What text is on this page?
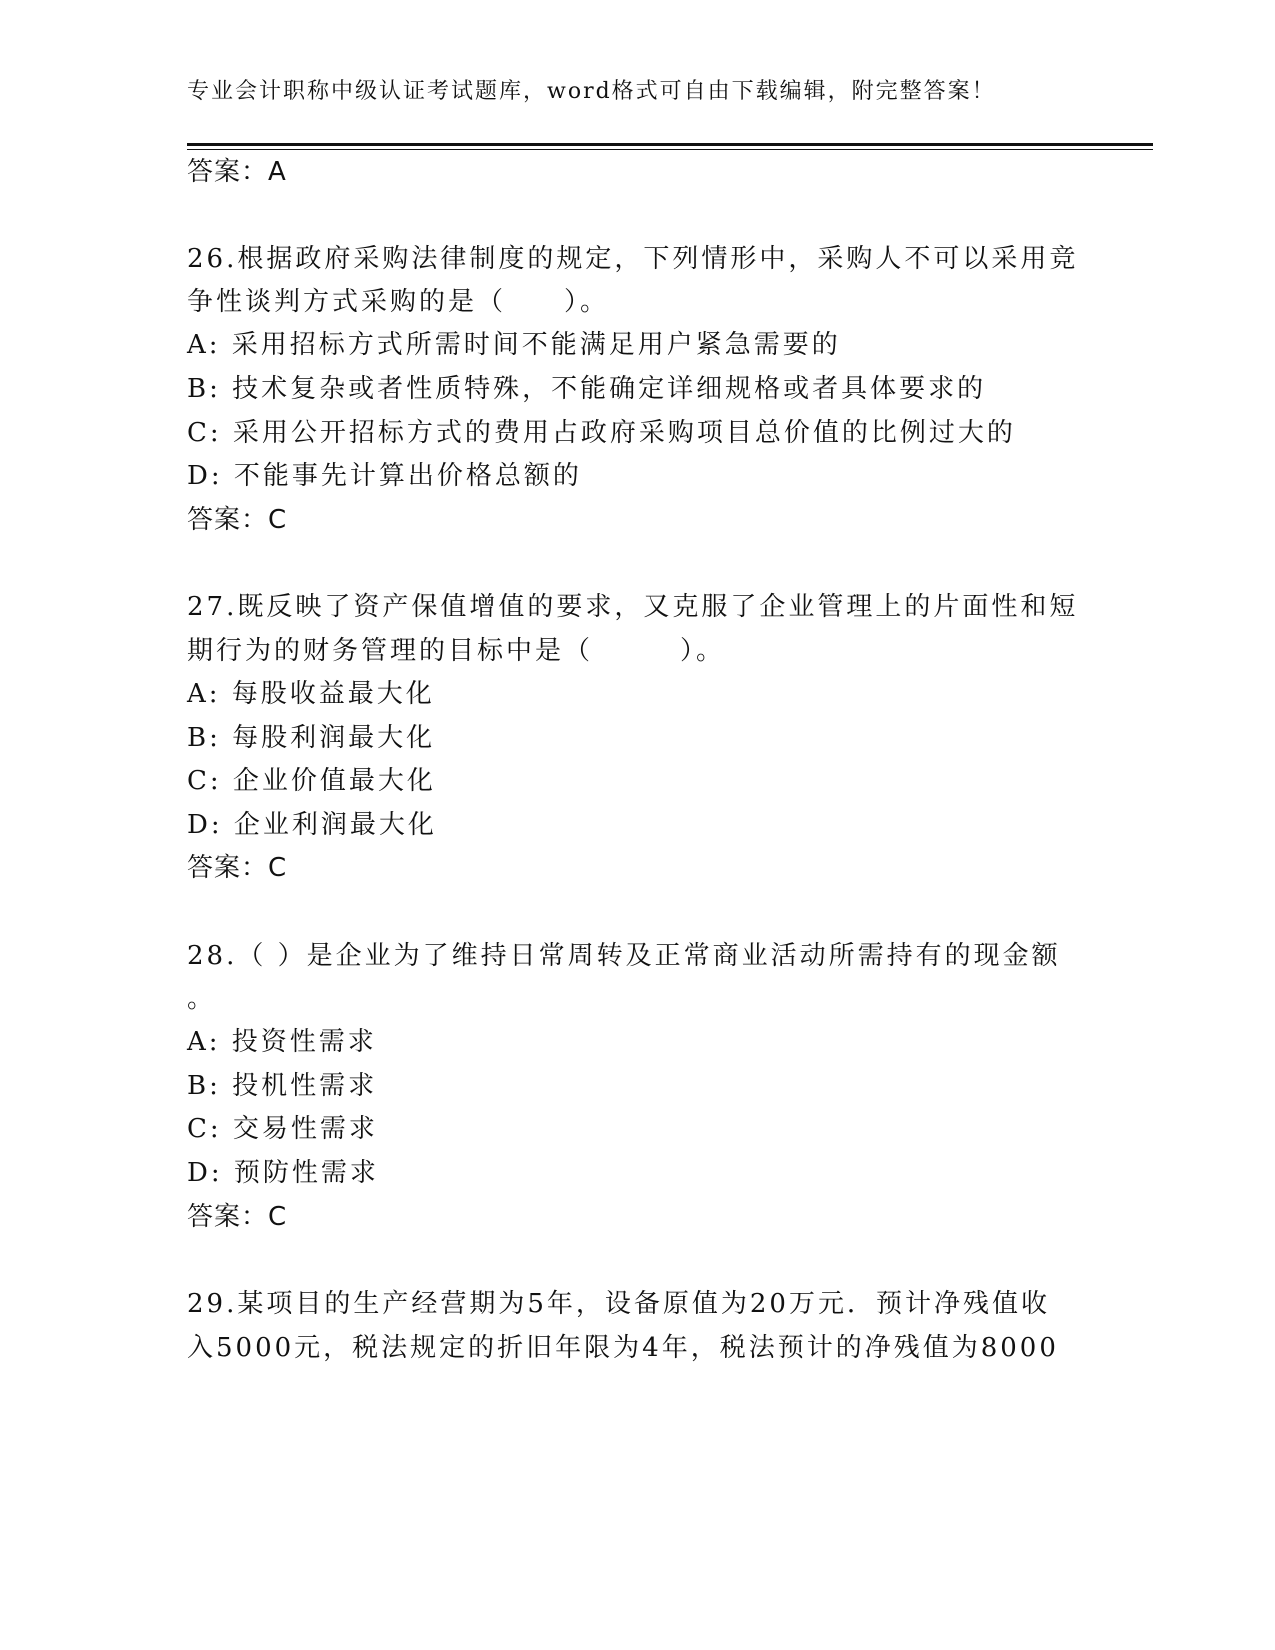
专业会计职称中级认证考试题库，word格式可自由下载编辑，附完整答案！
答案：A
26.根据政府采购法律制度的规定，下列情形中，采购人不可以采用竞
争性谈判方式采购的是（　　）。
A: 采用招标方式所需时间不能满足用户紧急需要的
B: 技术复杂或者性质特殊，不能确定详细规格或者具体要求的
C: 采用公开招标方式的费用占政府采购项目总价值的比例过大的
D: 不能事先计算出价格总额的
答案：C
27.既反映了资产保值增值的要求，又克服了企业管理上的片面性和短
期行为的财务管理的目标中是（　　　）。
A: 每股收益最大化
B: 每股利润最大化
C: 企业价值最大化
D: 企业利润最大化
答案：C
28.（ ）是企业为了维持日常周转及正常商业活动所需持有的现金额
。
A: 投资性需求
B: 投机性需求
C: 交易性需求
D: 预防性需求
答案：C
29.某项目的生产经营期为5年，设备原值为20万元．预计净残值收
入5000元，税法规定的折旧年限为4年，税法预计的净残值为8000
